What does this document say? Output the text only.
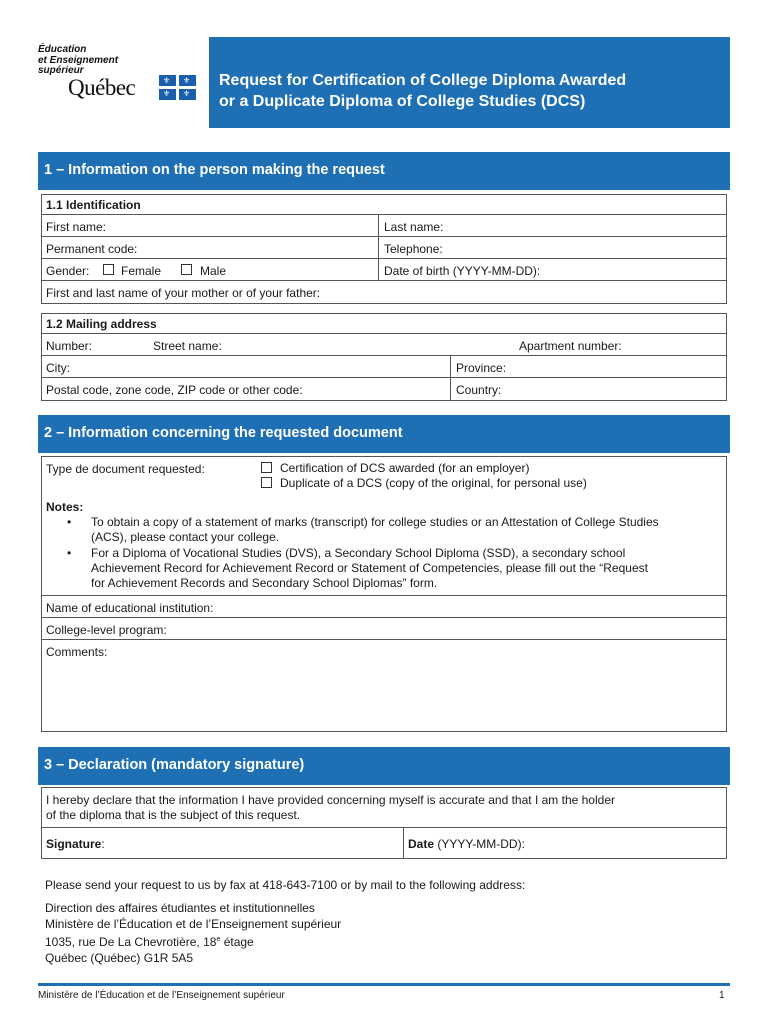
Éducation
et Enseignement
supérieur
Québec	⚜ ⚜
⚜ ⚜
Request for Certification of College Diploma Awarded
or a Duplicate Diploma of College Studies (DCS)
1 – Information on the person making the request
1.1 Identification
First name:	Last name:
Permanent code:	Telephone:
Gender:	Female	Male	Date of birth (YYYY-MM-DD):
First and last name of your mother or of your father:
1.2 Mailing address
Number:	Street name:	Apartment number:
City:	Province:
Postal code, zone code, ZIP code or other code:	Country:
2 – Information concerning the requested document
Type de document requested:	Certification of DCS awarded (for an employer)
Duplicate of a DCS (copy of the original, for personal use)
Notes:
• To obtain a copy of a statement of marks (transcript) for college studies or an Attestation of College Studies
(ACS), please contact your college.
• For a Diploma of Vocational Studies (DVS), a Secondary School Diploma (SSD), a secondary school
Achievement Record for Achievement Record or Statement of Competencies, please fill out the “Request
for Achievement Records and Secondary School Diplomas” form.
Name of educational institution:
College-level program:
Comments:
3 – Declaration (mandatory signature)
I hereby declare that the information I have provided concerning myself is accurate and that I am the holder
of the diploma that is the subject of this request.
Signature:	Date (YYYY-MM-DD):
Please send your request to us by fax at 418-643-7100 or by mail to the following address:
Direction des affaires étudiantes et institutionnelles
Ministère de l’Éducation et de l’Enseignement supérieur
1035, rue De La Chevrotière, 18e étage
Québec (Québec) G1R 5A5
Ministère de l’Éducation et de l’Enseignement supérieur	1
